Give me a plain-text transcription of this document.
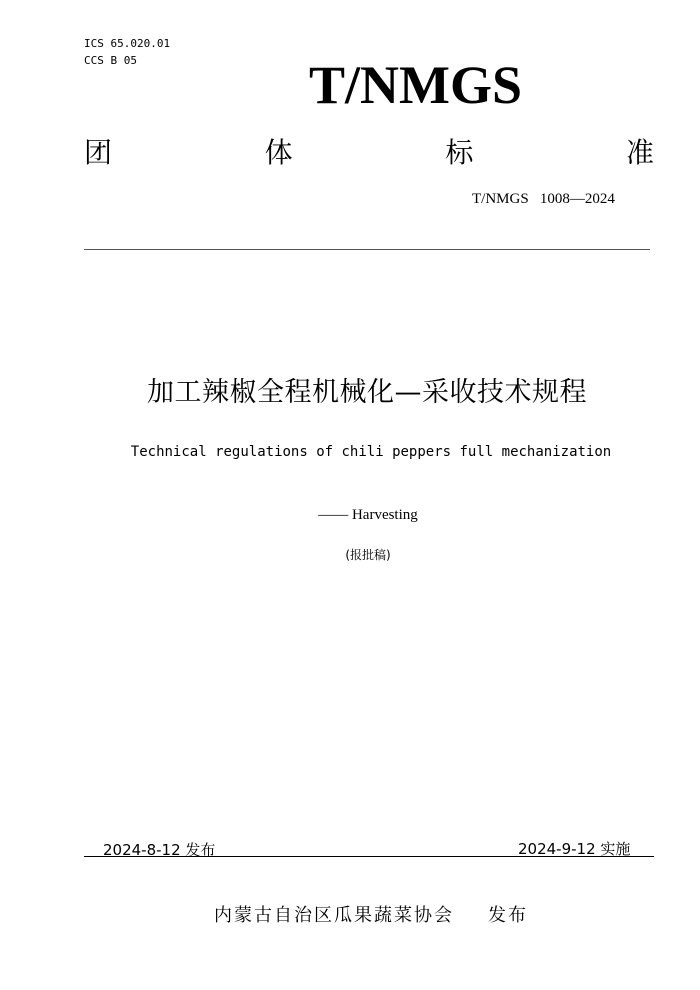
ICS 65.020.01
CCS B 05	T/NMGS
团	体	标	准
T/NMGS   1008—2024
加工辣椒全程机械化—采收技术规程
Technical regulations of chili peppers full mechanization
—— Harvesting
(报批稿)
2024-8-12 发布	2024-9-12 实施
内蒙古自治区瓜果蔬菜协会 发布
